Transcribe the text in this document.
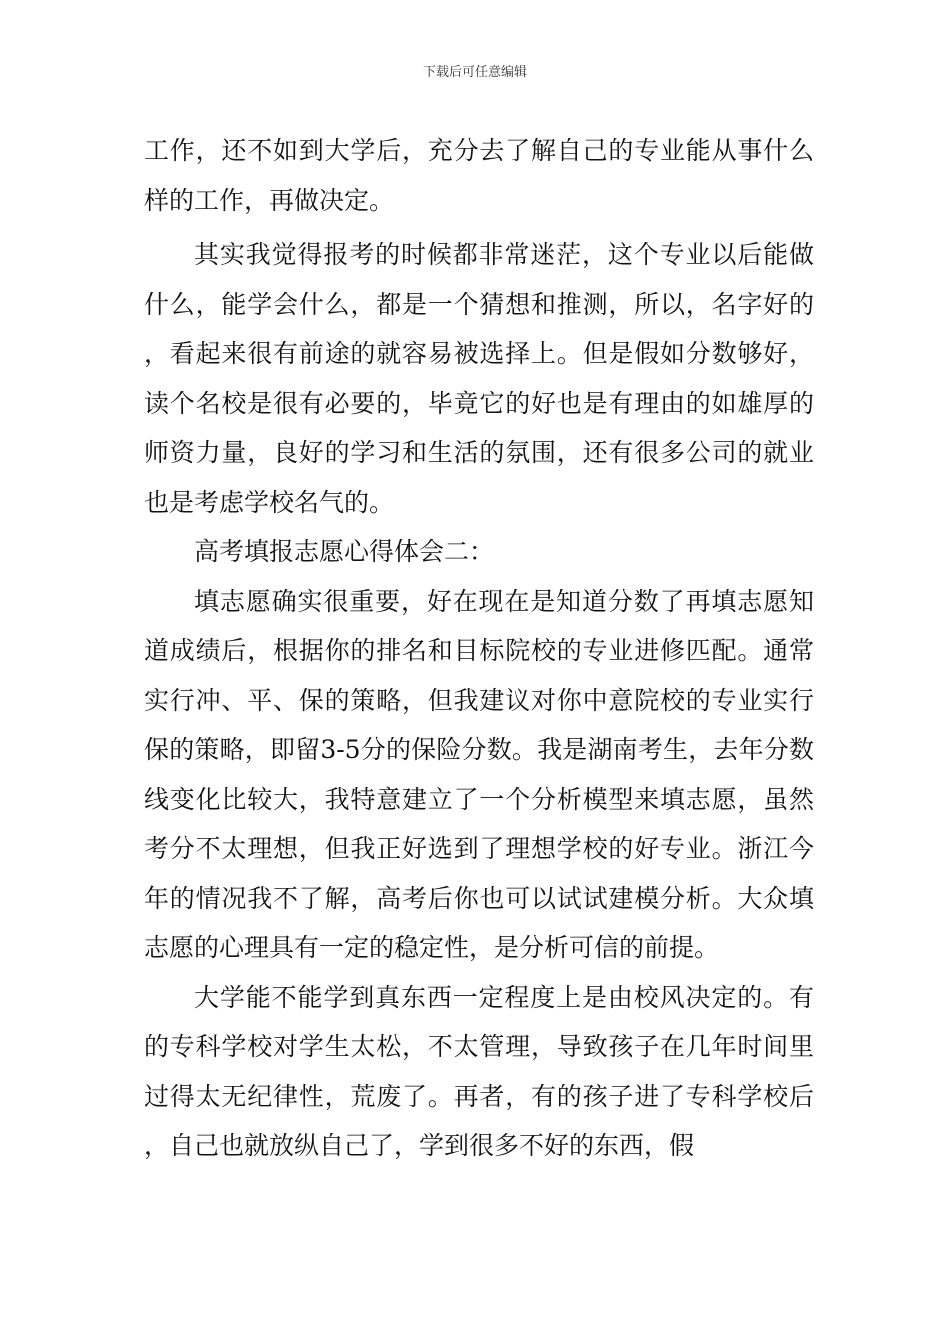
下载后可任意编辑

工作，还不如到大学后，充分去了解自己的专业能从事什么样的工作，再做决定。

其实我觉得报考的时候都非常迷茫，这个专业以后能做什么，能学会什么，都是一个猜想和推测，所以，名字好的，看起来很有前途的就容易被选择上。但是假如分数够好，读个名校是很有必要的，毕竟它的好也是有理由的如雄厚的师资力量，良好的学习和生活的氛围，还有很多公司的就业也是考虑学校名气的。

高考填报志愿心得体会二：

填志愿确实很重要，好在现在是知道分数了再填志愿知道成绩后，根据你的排名和目标院校的专业进修匹配。通常实行冲、平、保的策略，但我建议对你中意院校的专业实行保的策略，即留3-5分的保险分数。我是湖南考生，去年分数线变化比较大，我特意建立了一个分析模型来填志愿，虽然考分不太理想，但我正好选到了理想学校的好专业。浙江今年的情况我不了解，高考后你也可以试试建模分析。大众填志愿的心理具有一定的稳定性，是分析可信的前提。

大学能不能学到真东西一定程度上是由校风决定的。有的专科学校对学生太松，不太管理，导致孩子在几年时间里过得太无纪律性，荒废了。再者，有的孩子进了专科学校后，自己也就放纵自己了，学到很多不好的东西，假
